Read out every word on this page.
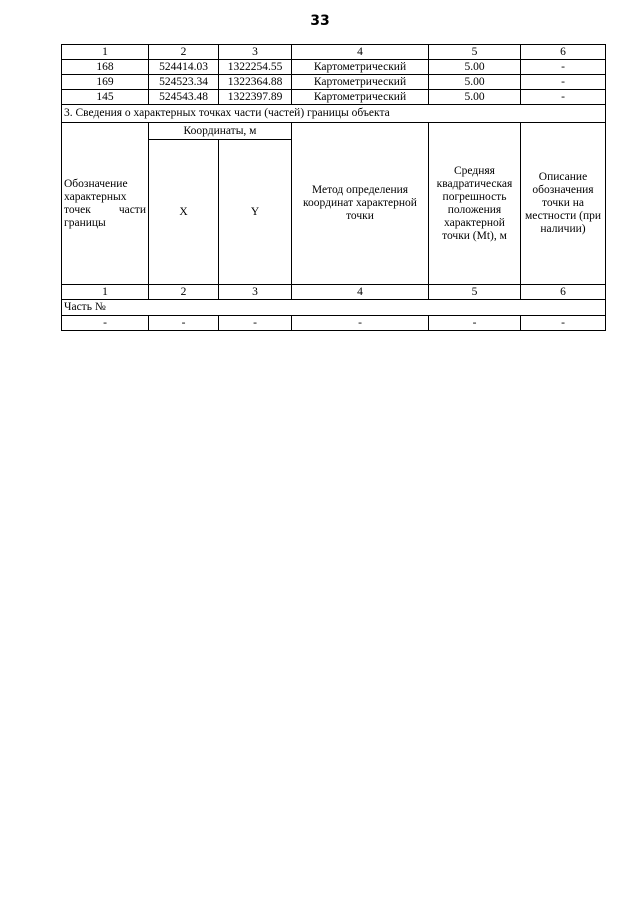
33
1	2	3	4	5	6
168	524414.03	1322254.55	Картометрический	5.00	-
169	524523.34	1322364.88	Картометрический	5.00	-
145	524543.48	1322397.89	Картометрический	5.00	-
3. Сведения о характерных точках части (частей) границы объекта					
Обозначение характерных точек части границы	Координаты, м		Метод определения координат характерной точки	Средняя квадратическая погрешность положения характерной точки (Mt), м	Описание обозначения точки на местности (при наличии)
	X	Y			
1	2	3	4	5	6
Часть №					
-	-	-	-	-	-
